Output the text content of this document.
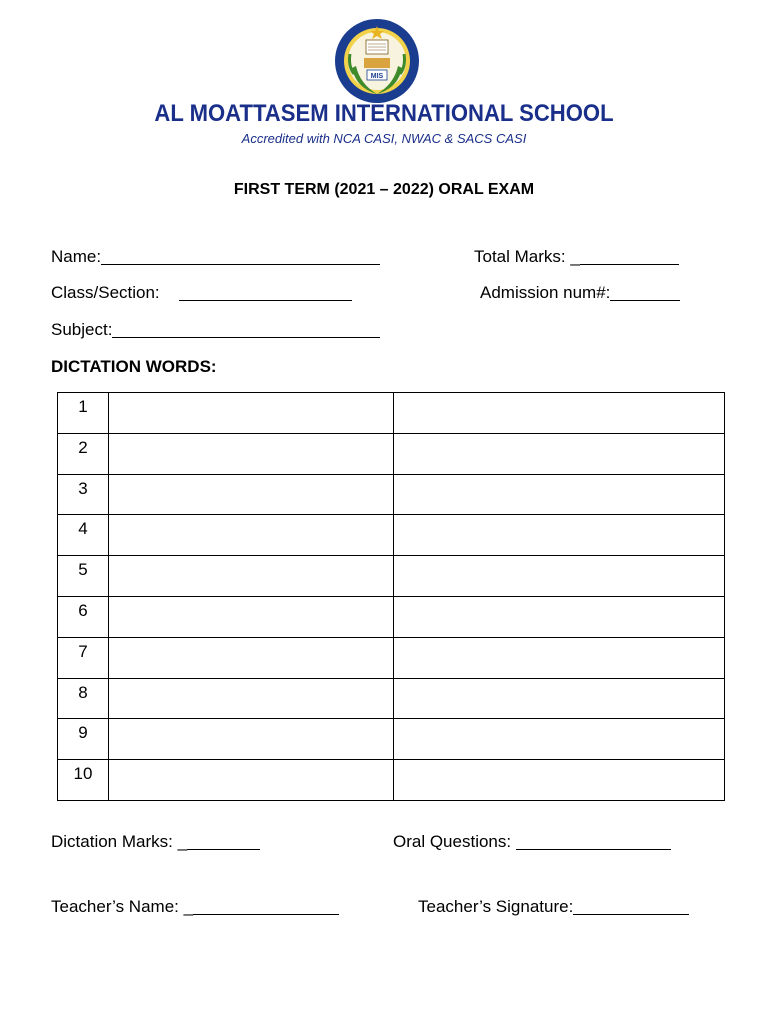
MIS
AL MOATTASEM INTERNATIONAL SCHOOL
Accredited with NCA CASI, NWAC & SACS CASI
FIRST TERM (2021 – 2022) ORAL EXAM
Name:	Total Marks: _
Class/Section:	Admission num#:
Subject:
DICTATION WORDS:
1		
2		
3		
4		
5		
6		
7		
8		
9		
10		
Dictation Marks: _	Oral Questions:
Teacher’s Name: _	Teacher’s Signature:
